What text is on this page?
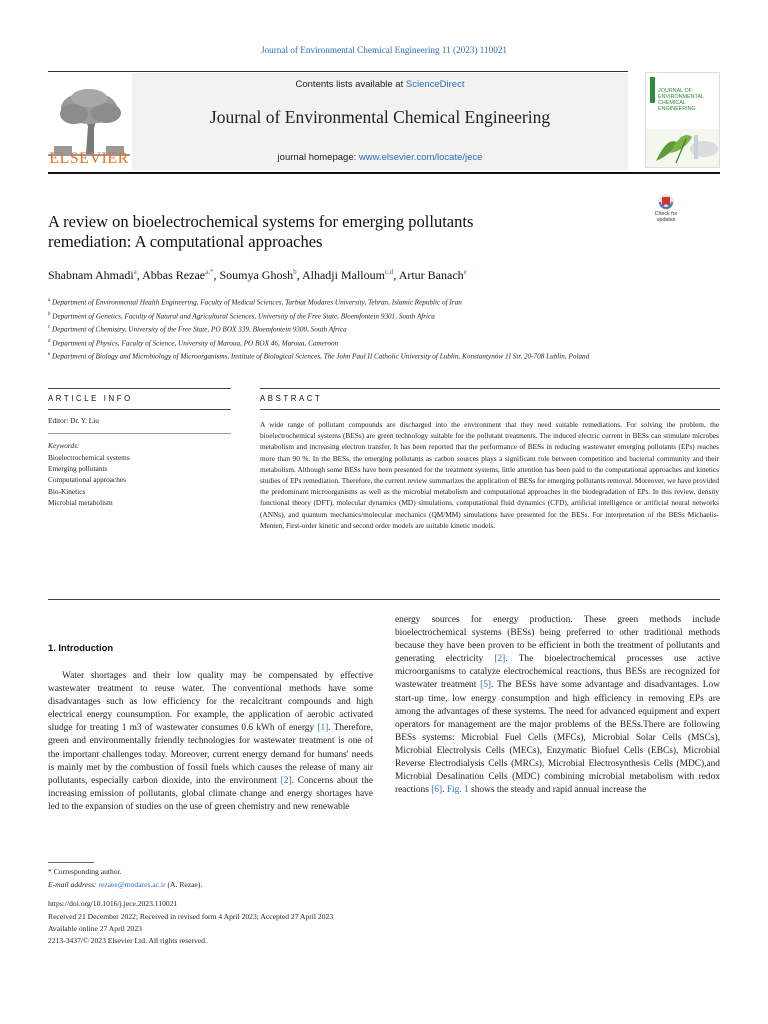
Journal of Environmental Chemical Engineering 11 (2023) 110021
ELSEVIER
Contents lists available at ScienceDirect
Journal of Environmental Chemical Engineering
journal homepage: www.elsevier.com/locate/jece
JOURNAL OF
ENVIRONMENTAL
CHEMICAL
ENGINEERING
Check for
updates
A review on bioelectrochemical systems for emerging pollutants
remediation: A computational approaches
Shabnam Ahmadi$^a$, Abbas Rezae$^{a,*}$, Soumya Ghosh$^b$, Alhadji Malloum$^{c,d}$, Artur Banach$^e$
$^a$ Department of Environmental Health Engineering, Faculty of Medical Sciences, Tarbiat Modares University, Tehran, Islamic Republic of Iran
$^b$ Department of Genetics, Faculty of Natural and Agricultural Sciences, University of the Free State, Bloemfontein 9301, South Africa
$^c$ Department of Chemistry, University of the Free State, PO BOX 339, Bloemfontein 9300, South Africa
$^d$ Department of Physics, Faculty of Science, University of Maroua, PO BOX 46, Maroua, Cameroon
$^e$ Department of Biology and Microbiology of Microorganisms, Institute of Biological Sciences, The John Paul II Catholic University of Lublin, Konstantynów 1I Str, 20-708 Lublin, Poland
ARTICLE INFO	ABSTRACT
Editor: Dr. Y. Liu
Keywords:
Bioelectrochemical systems
Emerging pollutants
Computational approaches
Bio-Kinetics
Microbial metabolism
A wide range of pollutant compounds are discharged into the environment that they need suitable remediations. For solving the problem, the bioelectrochemical systems (BESs) are green technology suitable for the pollutant treatments. The induced electric current in BESs can stimulate microbes metabolism and increasing electron transfer. It has been reported that the performance of BESs in reducing wastewater emerging pollutants (EPs) reaches more than 90 %. In the BESs, the emerging pollutants as carbon sources plays a significant role between competition and bacterial community and their metabolism. Although some BESs have been presented for the treatment systems, little attention has been paid to the computational approaches and kinetics studies of EPs remediation. Therefore, the current review summarizes the application of BESs for emerging pollutants removal. Moreover, we have provided the predominant microorganisms as well as the microbial metabolism and computational approaches in the biodegradation of EPs. In this review, density functional theory (DFT), molecular dynamics (MD) simulations, computational fluid dynamics (CFD), artificial intelligence or artificial neural networks (ANNs), and quantum mechanics/molecular mechanics (QM/MM) simulations have presented for the BESs. For interpretation of the BESs Michaelis-Menten, First-order kinetic and second order models are suitable kinetic models.
1. Introduction
Water shortages and their low quality may be compensated by effective wastewater treatment to reuse water. The conventional methods have some disadvantages such as low efficiency for the recalcitrant compounds and high electrical energy counsumption. For example, the application of aerobic activated sludge for treating 1 m3 of wastewater consumes 0.6 kWh of energy [1]. Therefore, green and environmentally friendly technologies for wastewater treatment is one of the important challenges today. Moreover, current energy demand for humans' needs is mainly met by the combustion of fossil fuels which causes the release of many air pollutants, especially carbon dioxide, into the environment [2]. Concerns about the increasing emission of pollutants, global climate change and energy shortages have led to the expansion of studies on the use of green chemistry and new renewable
energy sources for energy production. These green methods include bioelectrochemical systems (BESs) being preferred to other traditional methods because they have been proven to be efficient in both the treatment of pollutants and generating electricity [2]. The bioelectrochemical processes use active microorganisms to catalyze electrochemical reactions, thus BESs are recognized for wastewater treatment [5]. The BESs have some advantage and disadvantages. Low start-up time, low energy consumption and high efficiency in removing EPs are among the advantages of these systems. The need for advanced equipment and expert operators for management are the major problems of the BESs.There are following BESs systems: Microbial Fuel Cells (MFCs), Microbial Solar Cells (MSCs), Microbial Electrolysis Cells (MECs), Enzymatic Biofuel Cells (EBCs), Microbial Reverse Electrodialysis Cells (MRCs), Microbial Electrosynthesis Cells (MDC),and Microbial Desalination Cells (MDC) combining microbial metabolism with redox reactions [6]. Fig. 1 shows the steady and rapid annual increase the
* Corresponding author.
E-mail address: rezaee@modares.ac.ir (A. Rezae).
https://doi.org/10.1016/j.jece.2023.110021
Received 21 December 2022; Received in revised form 4 April 2023; Accepted 27 April 2023
Available online 27 April 2023
2213-3437/© 2023 Elsevier Ltd. All rights reserved.
